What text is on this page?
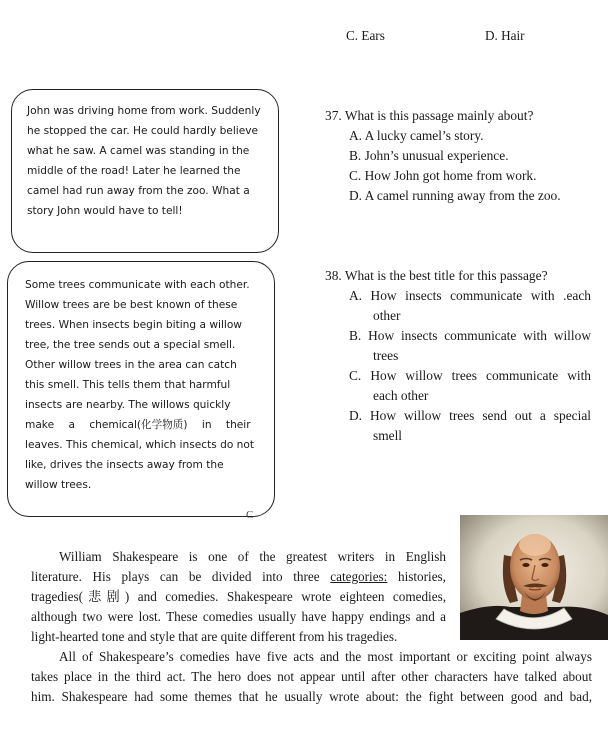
C. Ears	D. Hair
John was driving home from work. Suddenly
he stopped the car. He could hardly believe
what he saw. A camel was standing in the
middle of the road! Later he learned the
camel had run away from the zoo. What a
story John would have to tell!
37. What is this passage mainly about?
A. A lucky camel’s story.
B. John’s unusual experience.
C. How John got home from work.
D. A camel running away from the zoo.
Some trees communicate with each other.
Willow trees are be best known of these
trees. When insects begin biting a willow
tree, the tree sends out a special smell.
Other willow trees in the area can catch
this smell. This tells them that harmful
insects are nearby. The willows quickly
make a chemical(化学物质) in their
leaves. This chemical, which insects do not
like, drives the insects away from the
willow trees.
38. What is the best title for this passage?
A. How insects communicate with .each
other
B. How insects communicate with willow
trees
C. How willow trees communicate with
each other
D. How willow trees send out a special
smell
C
William Shakespeare is one of the greatest writers in English
literature. His plays can be divided into three categories: histories,
tragedies(悲剧) and comedies. Shakespeare wrote eighteen comedies,
although two were lost. These comedies usually have happy endings and a
light-hearted tone and style that are quite different from his tragedies.
All of Shakespeare’s comedies have five acts and the most important or exciting point always
takes place in the third act. The hero does not appear until after other characters have talked about
him. Shakespeare had some themes that he usually wrote about: the fight between good and bad,
